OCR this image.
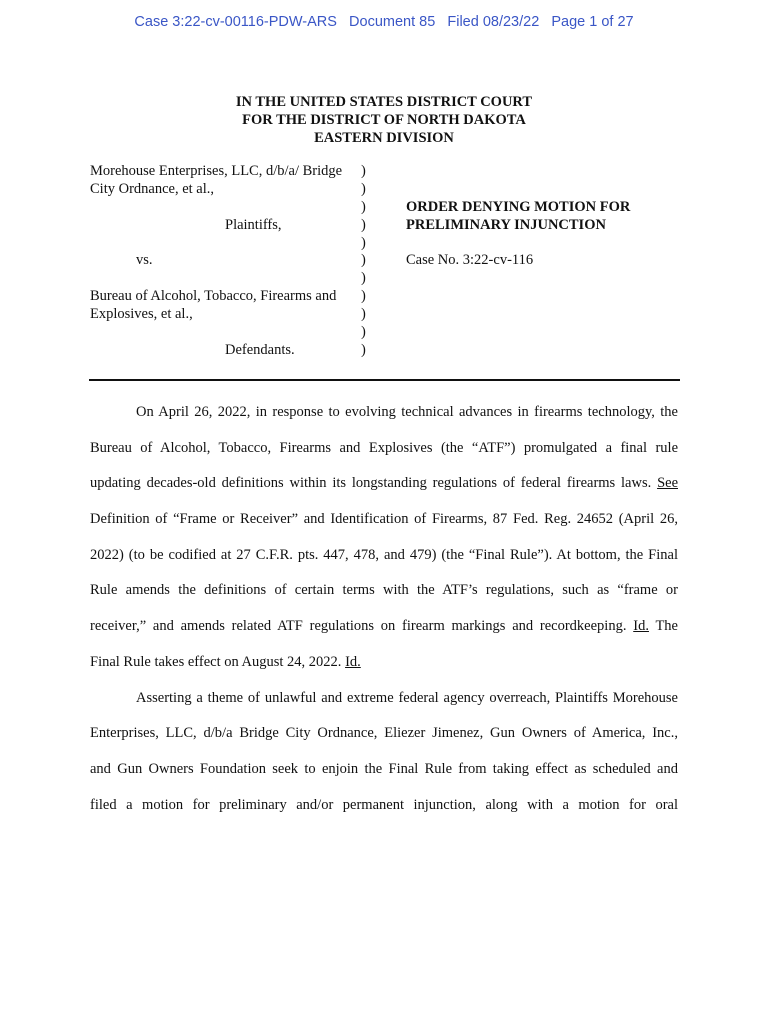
Case 3:22-cv-00116-PDW-ARS   Document 85   Filed 08/23/22   Page 1 of 27
IN THE UNITED STATES DISTRICT COURT
FOR THE DISTRICT OF NORTH DAKOTA
EASTERN DIVISION
Morehouse Enterprises, LLC, d/b/a/ Bridge )
City Ordnance, et al.,	)
)	ORDER DENYING MOTION FOR
Plaintiffs,	)	PRELIMINARY INJUNCTION
)
vs.	)	Case No. 3:22-cv-116
)
Bureau of Alcohol, Tobacco, Firearms and )
Explosives, et al.,	)
)
Defendants.	)
On April 26, 2022, in response to evolving technical advances in firearms technology, the
Bureau of Alcohol, Tobacco, Firearms and Explosives (the “ATF”) promulgated a final rule
updating decades-old definitions within its longstanding regulations of federal firearms laws. See
Definition of “Frame or Receiver” and Identification of Firearms, 87 Fed. Reg. 24652 (April 26,
2022) (to be codified at 27 C.F.R. pts. 447, 478, and 479) (the “Final Rule”). At bottom, the Final
Rule amends the definitions of certain terms with the ATF’s regulations, such as “frame or
receiver,” and amends related ATF regulations on firearm markings and recordkeeping. Id. The
Final Rule takes effect on August 24, 2022. Id.
Asserting a theme of unlawful and extreme federal agency overreach, Plaintiffs Morehouse
Enterprises, LLC, d/b/a Bridge City Ordnance, Eliezer Jimenez, Gun Owners of America, Inc.,
and Gun Owners Foundation seek to enjoin the Final Rule from taking effect as scheduled and
filed a motion for preliminary and/or permanent injunction, along with a motion for oral
